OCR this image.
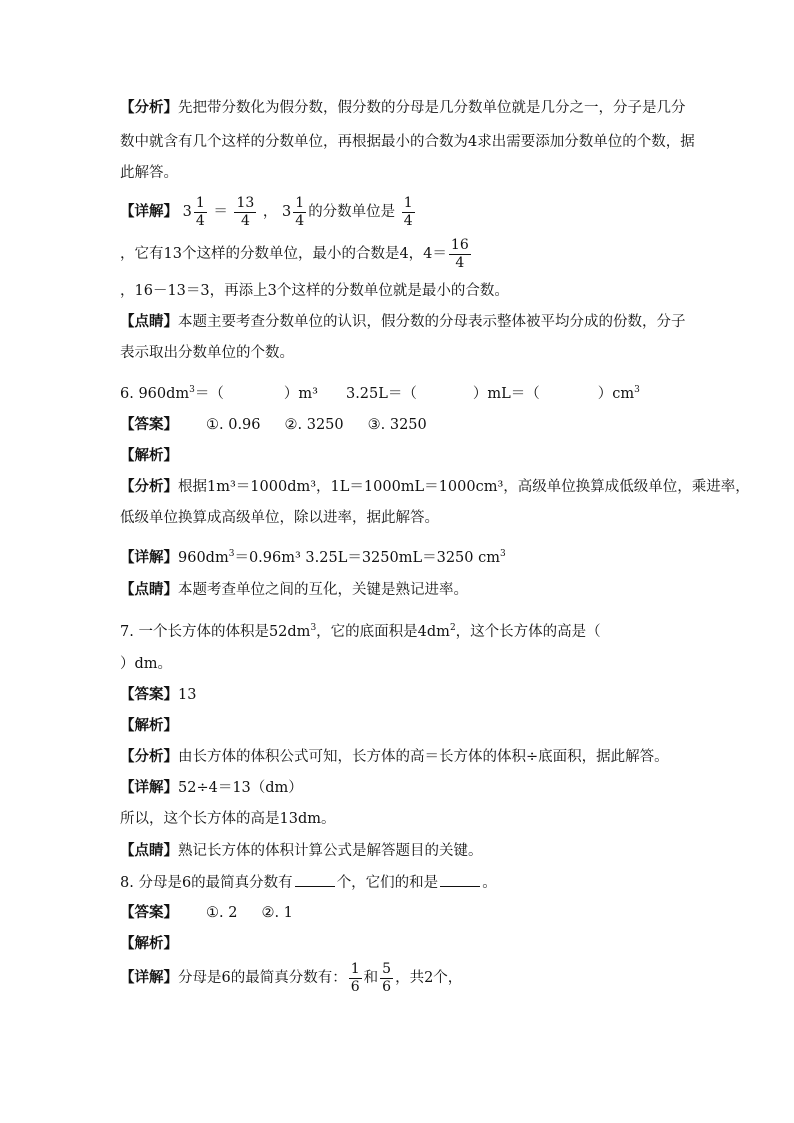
【分析】先把带分数化为假分数，假分数的分母是几分数单位就是几分之一，分子是几分
数中就含有几个这样的分数单位，再根据最小的合数为4求出需要添加分数单位的个数，据
此解答。
【详解】 $3 \frac{1}{4} = \frac{13}{4}$ ， $3 \frac{1}{4}$ 的分数单位是 $\frac{1}{4}$
，它有13个这样的分数单位，最小的合数是4，$4= \frac{16}{4}$
，16－13＝3，再添上3个这样的分数单位就是最小的合数。
【点睛】本题主要考查分数单位的认识，假分数的分母表示整体被平均分成的份数，分子
表示取出分数单位的个数。
6. $960dm^3=$（	）m³ 3.25L＝（	）mL＝（	）$cm^3$
【答案】 ①. 0.96 ②. 3250 ③. 3250
【解析】
【分析】根据1m³＝1000dm³，1L＝1000mL＝1000cm³，高级单位换算成低级单位，乘进率，
低级单位换算成高级单位，除以进率，据此解答。
【详解】$960dm^3=0.96m^3$ 3.25L＝3250mL＝3250 $cm^3$
【点睛】本题考查单位之间的互化，关键是熟记进率。
7. 一个长方体的体积是$52dm^3$，它的底面积是$4dm^2$，这个长方体的高是（
）dm。
【答案】13
【解析】
【分析】由长方体的体积公式可知，长方体的高＝长方体的体积÷底面积，据此解答。
【详解】52÷4＝13（dm）
所以，这个长方体的高是13dm。
【点睛】熟记长方体的体积计算公式是解答题目的关键。
8. 分母是6的最简真分数有	个，它们的和是	。
【答案】 ①. 2 ②. 1
【解析】
【详解】分母是6的最简真分数有： $\frac{1}{6}$ 和 $\frac{5}{6}$ ，共2个，
